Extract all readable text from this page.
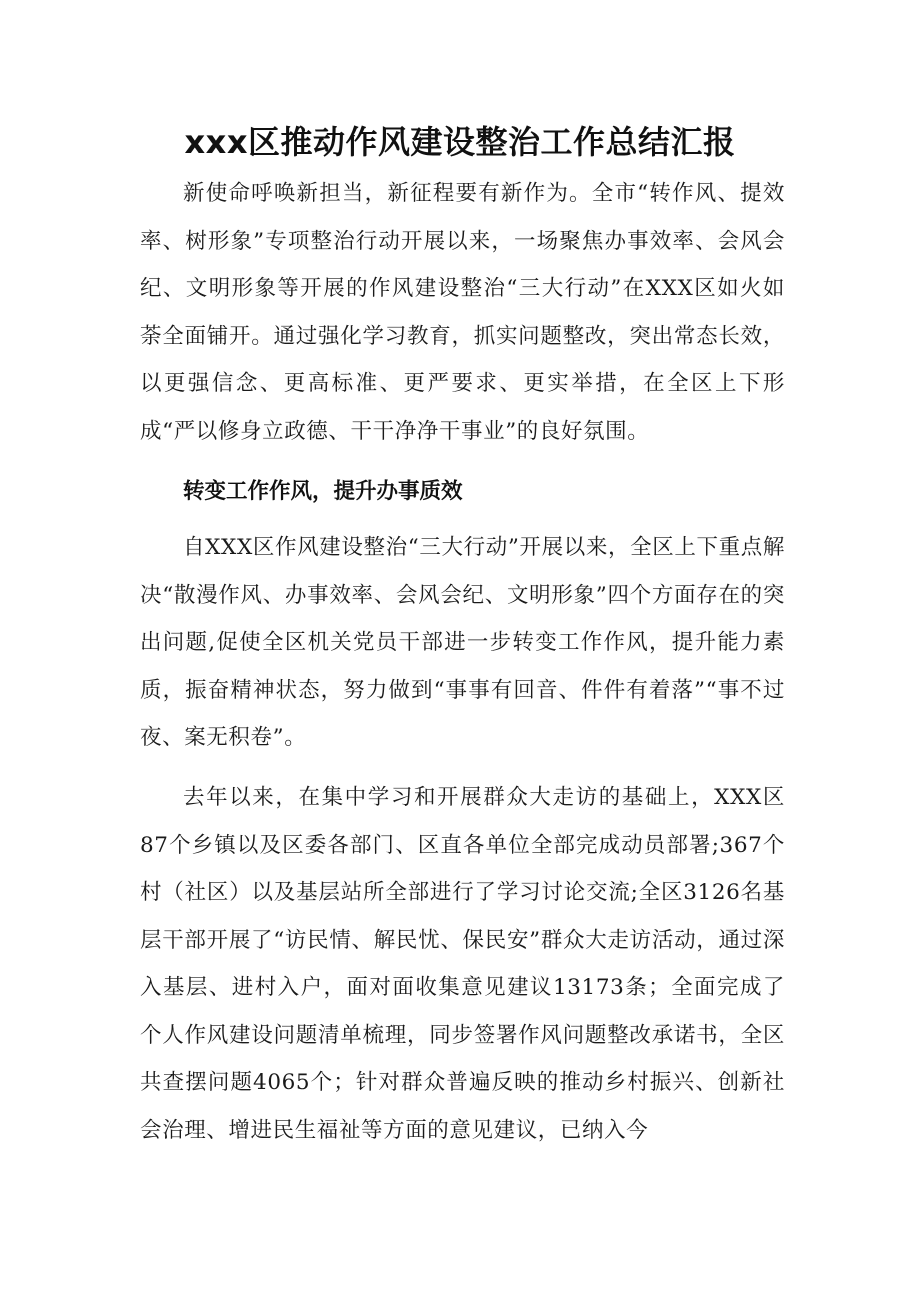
xxx区推动作风建设整治工作总结汇报

新使命呼唤新担当，新征程要有新作为。全市“转作风、提效率、树形象”专项整治行动开展以来，一场聚焦办事效率、会风会纪、文明形象等开展的作风建设整治“三大行动”在XXX区如火如荼全面铺开。通过强化学习教育，抓实问题整改，突出常态长效，以更强信念、更高标准、更严要求、更实举措，在全区上下形成“严以修身立政德、干干净净干事业”的良好氛围。

转变工作作风，提升办事质效

自XXX区作风建设整治“三大行动”开展以来，全区上下重点解决“散漫作风、办事效率、会风会纪、文明形象”四个方面存在的突出问题,促使全区机关党员干部进一步转变工作作风，提升能力素质，振奋精神状态，努力做到“事事有回音、件件有着落”“事不过夜、案无积卷”。

去年以来，在集中学习和开展群众大走访的基础上，XXX区87个乡镇以及区委各部门、区直各单位全部完成动员部署;367个村（社区）以及基层站所全部进行了学习讨论交流;全区3126名基层干部开展了“访民情、解民忧、保民安”群众大走访活动，通过深入基层、进村入户，面对面收集意见建议13173条；全面完成了个人作风建设问题清单梳理，同步签署作风问题整改承诺书，全区共查摆问题4065个；针对群众普遍反映的推动乡村振兴、创新社会治理、增进民生福祉等方面的意见建议，已纳入今
